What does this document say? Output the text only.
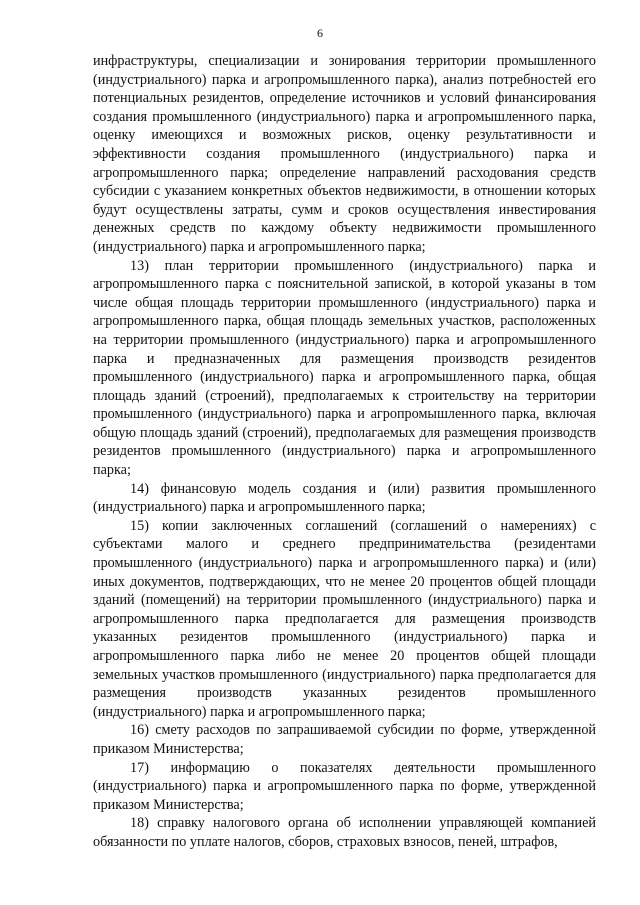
6

инфраструктуры, специализации и зонирования территории промышленного (индустриального) парка и агропромышленного парка), анализ потребностей его потенциальных резидентов, определение источников и условий финансирования создания промышленного (индустриального) парка и агропромышленного парка, оценку имеющихся и возможных рисков, оценку результативности и эффективности создания промышленного (индустриального) парка и агропромышленного парка; определение направлений расходования средств субсидии с указанием конкретных объектов недвижимости, в отношении которых будут осуществлены затраты, сумм и сроков осуществления инвестирования денежных средств по каждому объекту недвижимости промышленного (индустриального) парка и агропромышленного парка;

13) план территории промышленного (индустриального) парка и агропромышленного парка с пояснительной запиской, в которой указаны в том числе общая площадь территории промышленного (индустриального) парка и агропромышленного парка, общая площадь земельных участков, расположенных на территории промышленного (индустриального) парка и агропромышленного парка и предназначенных для размещения производств резидентов промышленного (индустриального) парка и агропромышленного парка, общая площадь зданий (строений), предполагаемых к строительству на территории промышленного (индустриального) парка и агропромышленного парка, включая общую площадь зданий (строений), предполагаемых для размещения производств резидентов промышленного (индустриального) парка и агропромышленного парка;

14) финансовую модель создания и (или) развития промышленного (индустриального) парка и агропромышленного парка;

15) копии заключенных соглашений (соглашений о намерениях) с субъектами малого и среднего предпринимательства (резидентами промышленного (индустриального) парка и агропромышленного парка) и (или) иных документов, подтверждающих, что не менее 20 процентов общей площади зданий (помещений) на территории промышленного (индустриального) парка и агропромышленного парка предполагается для размещения производств указанных резидентов промышленного (индустриального) парка и агропромышленного парка либо не менее 20 процентов общей площади земельных участков промышленного (индустриального) парка предполагается для размещения производств указанных резидентов промышленного (индустриального) парка и агропромышленного парка;

16) смету расходов по запрашиваемой субсидии по форме, утвержденной приказом Министерства;

17) информацию о показателях деятельности промышленного (индустриального) парка и агропромышленного парка по форме, утвержденной приказом Министерства;

18) справку налогового органа об исполнении управляющей компанией обязанности по уплате налогов, сборов, страховых взносов, пеней, штрафов,
